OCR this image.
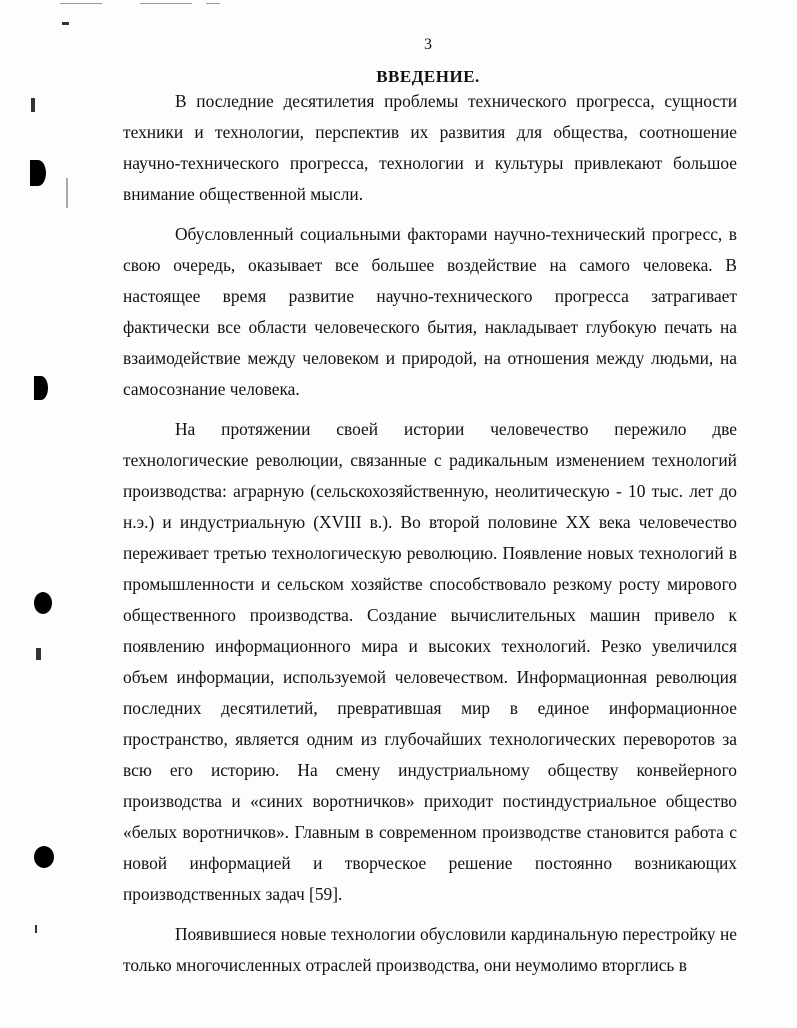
3
ВВЕДЕНИЕ.

В последние десятилетия проблемы технического прогресса, сущности техники и технологии, перспектив их развития для общества, соотношение научно-технического прогресса, технологии и культуры привлекают большое внимание общественной мысли.

Обусловленный социальными факторами научно-технический прогресс, в свою очередь, оказывает все большее воздействие на самого человека. В настоящее время развитие научно-технического прогресса затрагивает фактически все области человеческого бытия, накладывает глубокую печать на взаимодействие между человеком и природой, на отношения между людьми, на самосознание человека.

На протяжении своей истории человечество пережило две технологические революции, связанные с радикальным изменением технологий производства: аграрную (сельскохозяйственную, неолитическую - 10 тыс. лет до н.э.) и индустриальную (XVIII в.). Во второй половине XX века человечество переживает третью технологическую революцию. Появление новых технологий в промышленности и сельском хозяйстве способствовало резкому росту мирового общественного производства. Создание вычислительных машин привело к появлению информационного мира и высоких технологий. Резко увеличился объем информации, используемой человечеством. Информационная революция последних десятилетий, превратившая мир в единое информационное пространство, является одним из глубочайших технологических переворотов за всю его историю. На смену индустриальному обществу конвейерного производства и «синих воротничков» приходит постиндустриальное общество «белых воротничков». Главным в современном производстве становится работа с новой информацией и творческое решение постоянно возникающих производственных задач [59].

Появившиеся новые технологии обусловили кардинальную перестройку не только многочисленных отраслей производства, они неумолимо вторглись в
